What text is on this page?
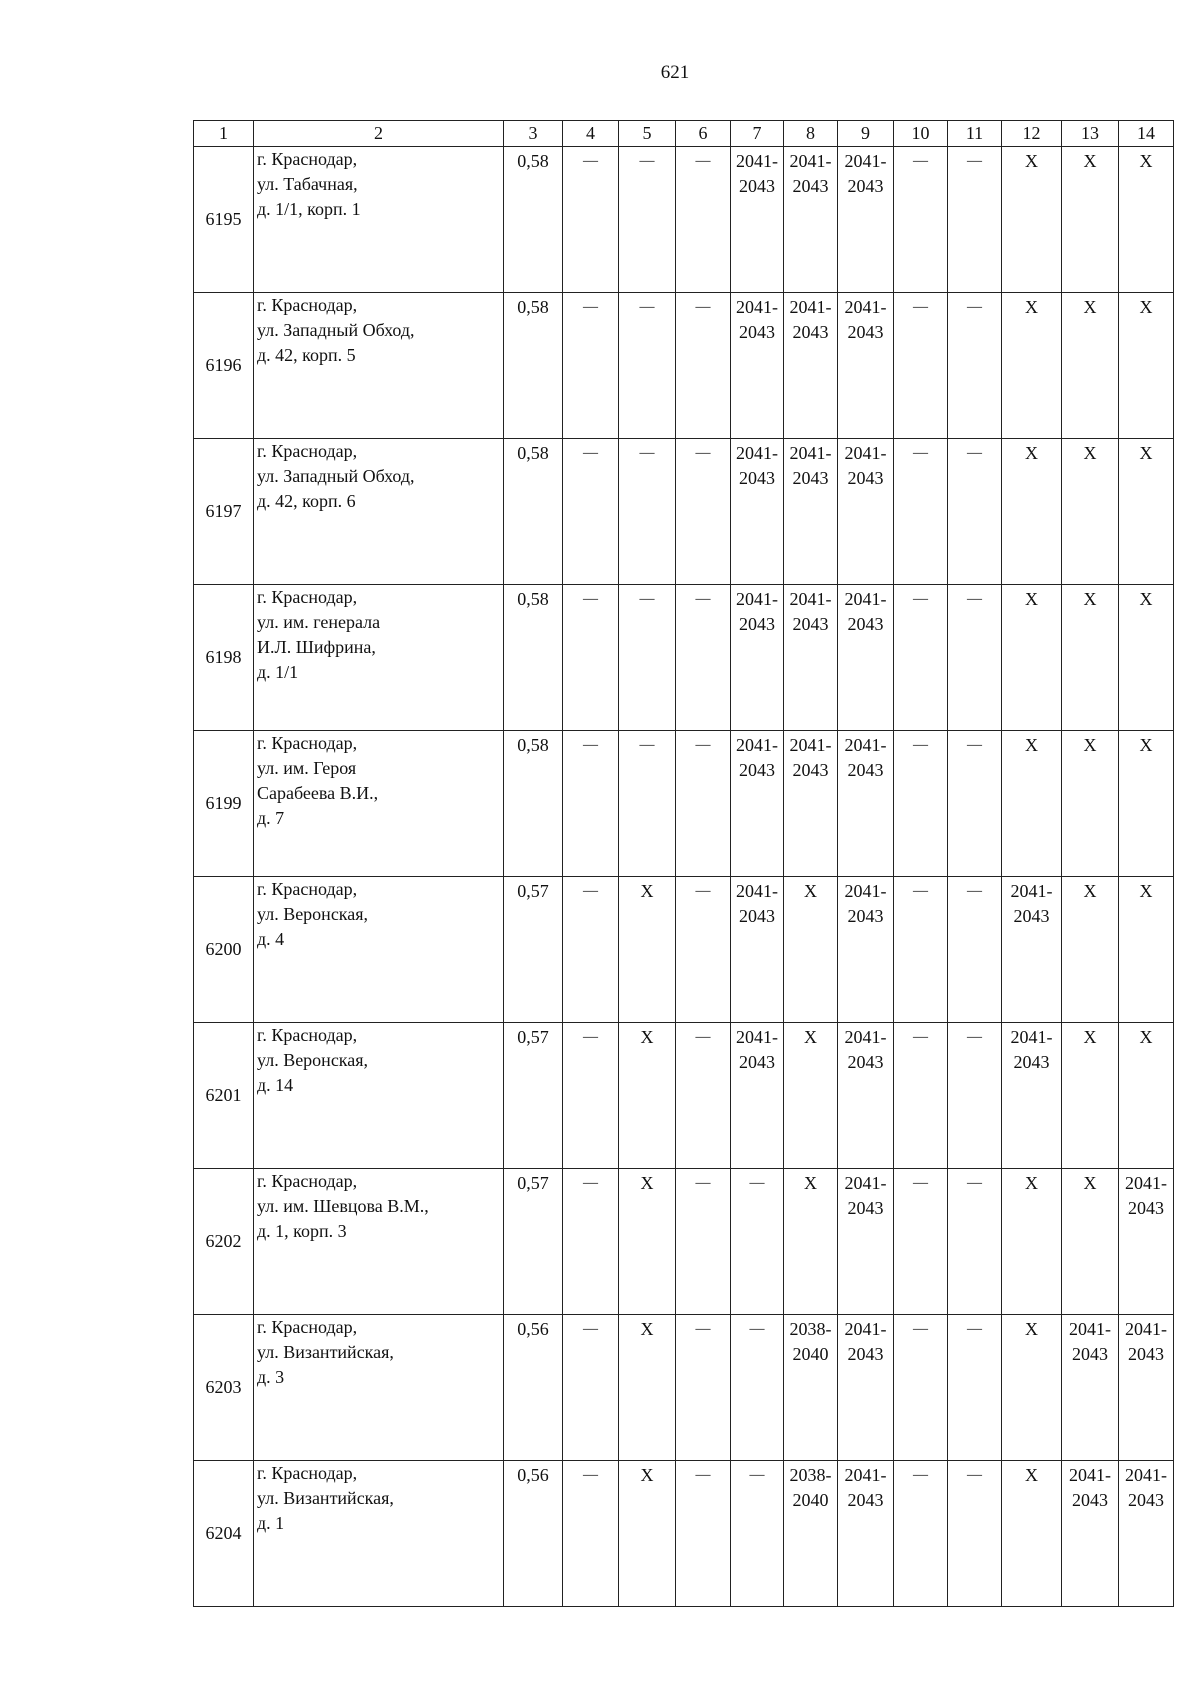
621
1	2	3	4	5	6	7	8	9	10	11	12	13	14
6195	г. Краснодар,
ул. Табачная,
д. 1/1, корп. 1	0,58	—	—	—	2041-
2043	2041-
2043	2041-
2043	—	—	X	X	X
6196	г. Краснодар,
ул. Западный Обход,
д. 42, корп. 5	0,58	—	—	—	2041-
2043	2041-
2043	2041-
2043	—	—	X	X	X
6197	г. Краснодар,
ул. Западный Обход,
д. 42, корп. 6	0,58	—	—	—	2041-
2043	2041-
2043	2041-
2043	—	—	X	X	X
6198	г. Краснодар,
ул. им. генерала
И.Л. Шифрина,
д. 1/1	0,58	—	—	—	2041-
2043	2041-
2043	2041-
2043	—	—	X	X	X
6199	г. Краснодар,
ул. им. Героя
Сарабеева В.И.,
д. 7	0,58	—	—	—	2041-
2043	2041-
2043	2041-
2043	—	—	X	X	X
6200	г. Краснодар,
ул. Веронская,
д. 4	0,57	—	X	—	2041-
2043	X	2041-
2043	—	—	2041-
2043	X	X
6201	г. Краснодар,
ул. Веронская,
д. 14	0,57	—	X	—	2041-
2043	X	2041-
2043	—	—	2041-
2043	X	X
6202	г. Краснодар,
ул. им. Шевцова В.М.,
д. 1, корп. 3	0,57	—	X	—	—	X	2041-
2043	—	—	X	X	2041-
2043
6203	г. Краснодар,
ул. Византийская,
д. 3	0,56	—	X	—	—	2038-
2040	2041-
2043	—	—	X	2041-
2043	2041-
2043
6204	г. Краснодар,
ул. Византийская,
д. 1	0,56	—	X	—	—	2038-
2040	2041-
2043	—	—	X	2041-
2043	2041-
2043
